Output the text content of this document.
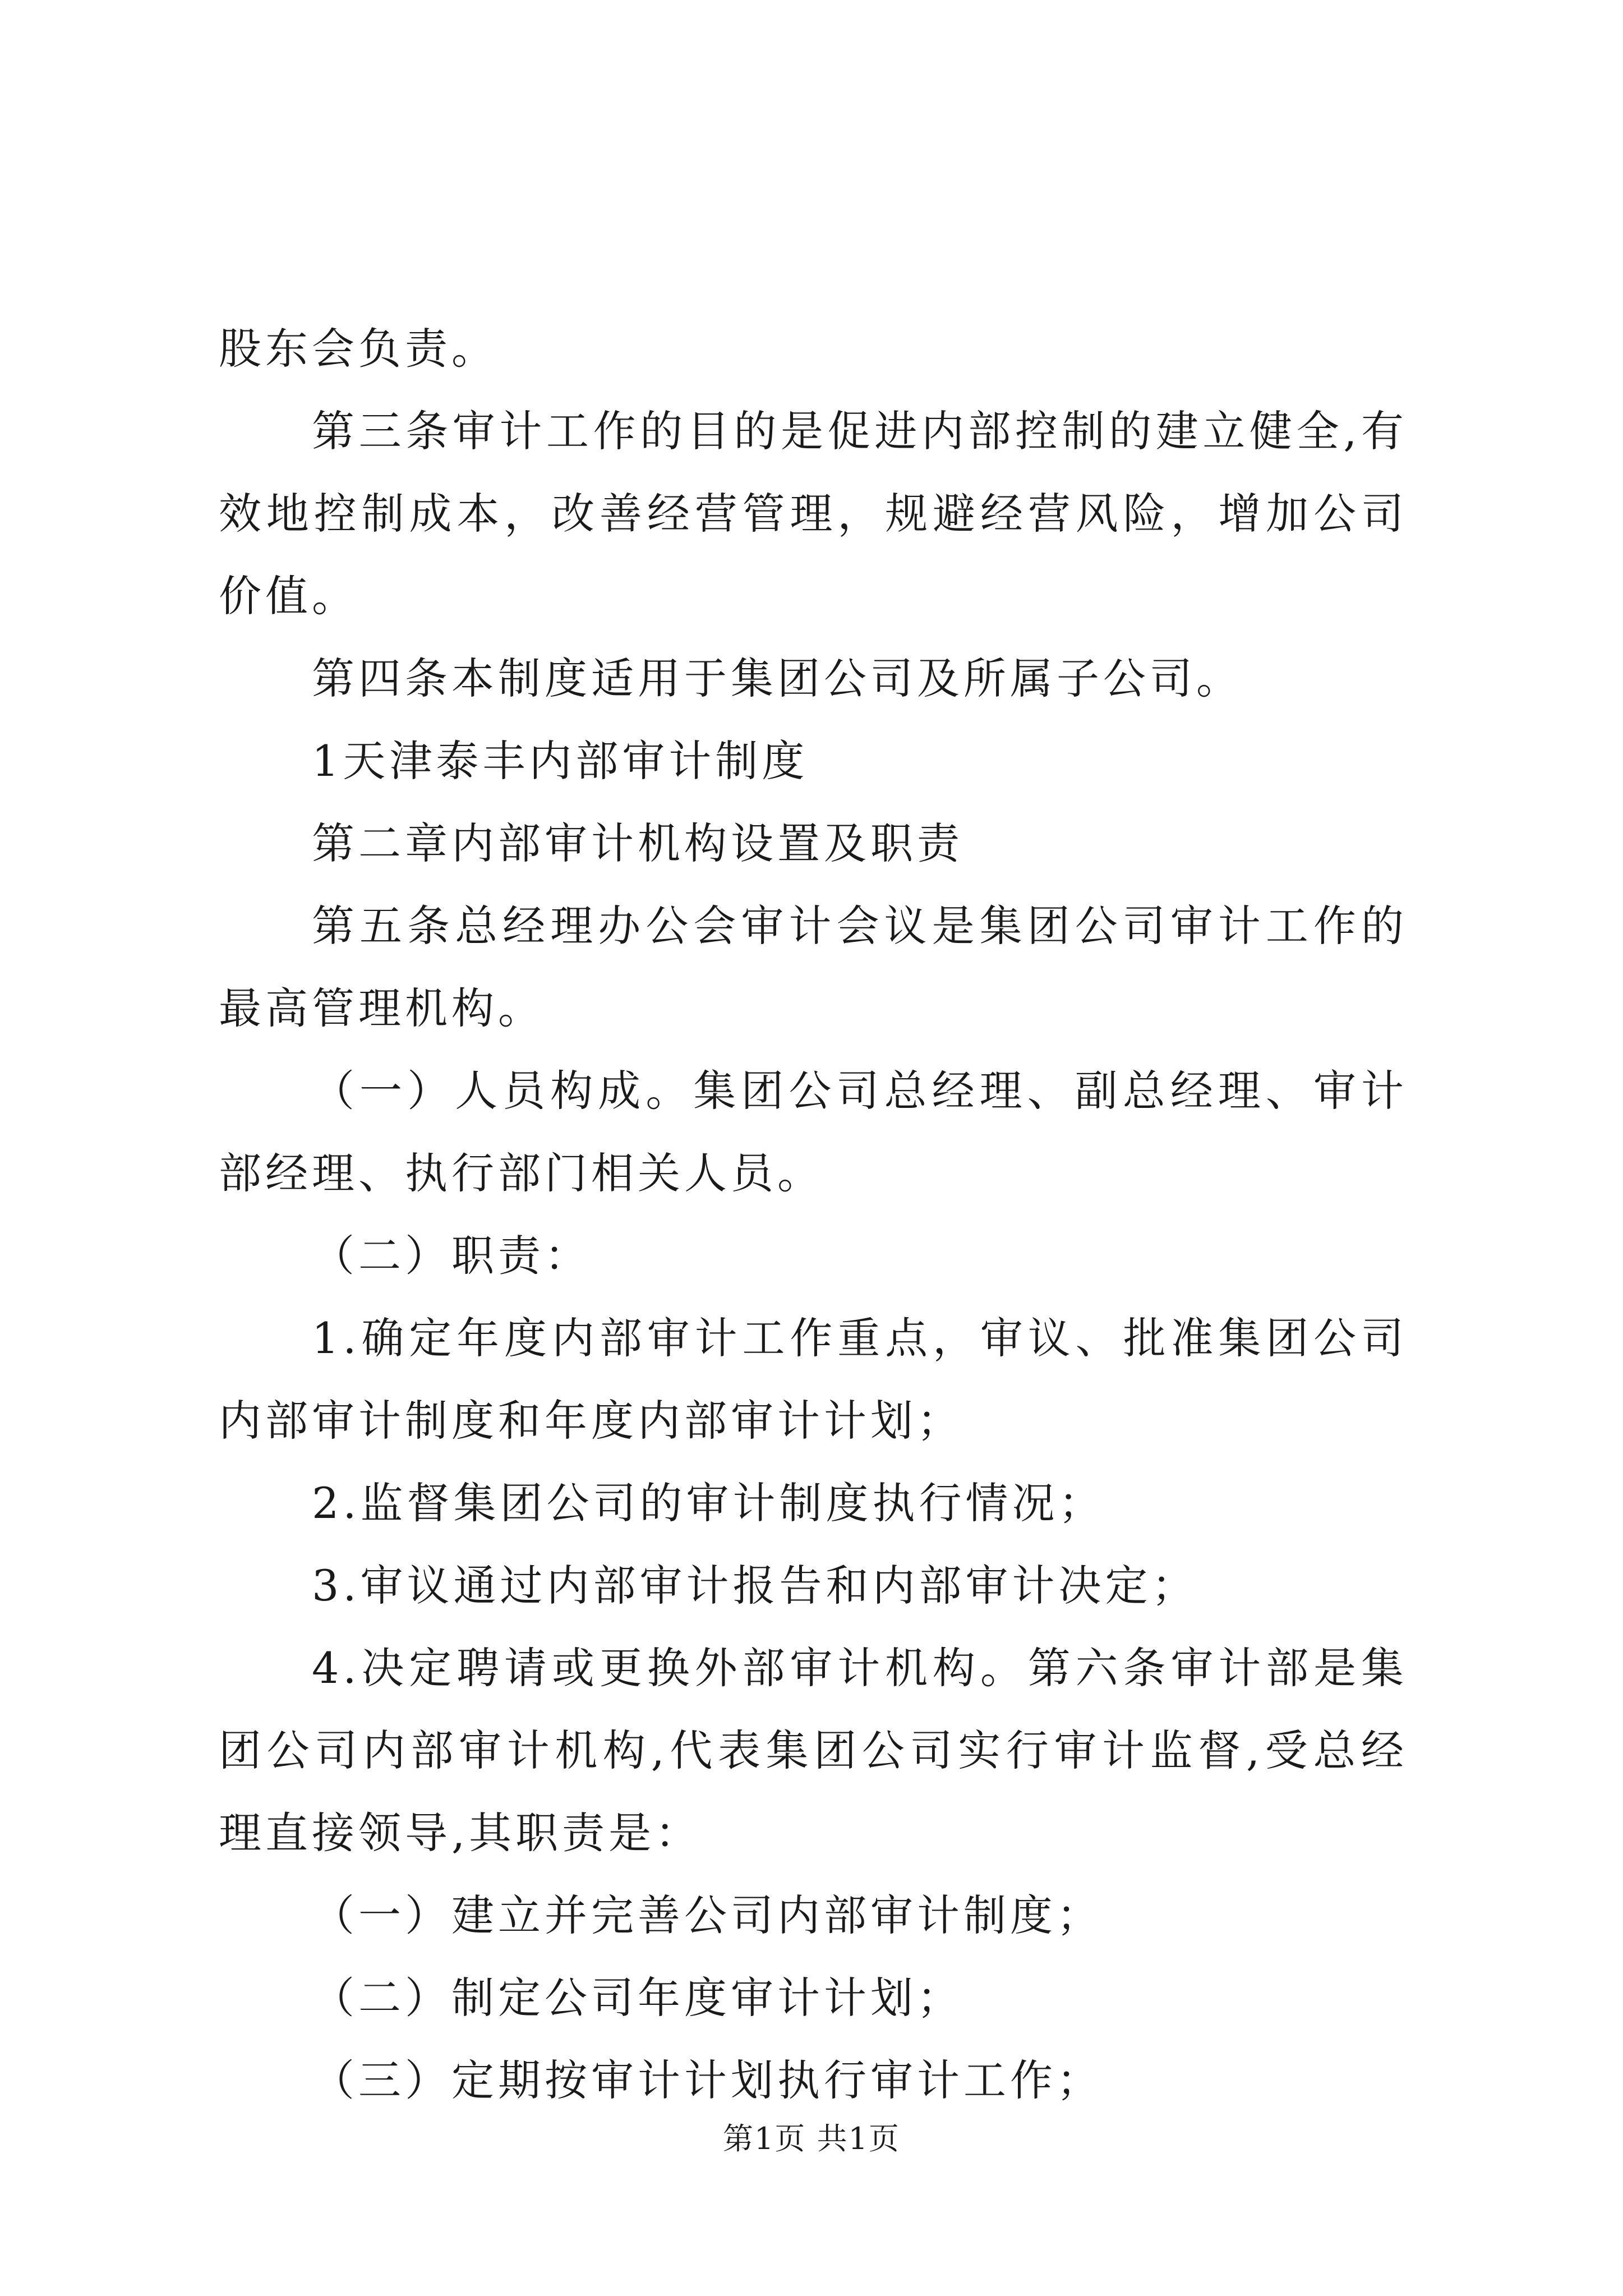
股东会负责。

第三条审计工作的目的是促进内部控制的建立健全,有效地控制成本，改善经营管理，规避经营风险，增加公司价值。

第四条本制度适用于集团公司及所属子公司。

1天津泰丰内部审计制度

第二章内部审计机构设置及职责

第五条总经理办公会审计会议是集团公司审计工作的最高管理机构。

（一）人员构成。集团公司总经理、副总经理、审计部经理、执行部门相关人员。

（二）职责：

1.确定年度内部审计工作重点，审议、批准集团公司内部审计制度和年度内部审计计划；

2.监督集团公司的审计制度执行情况；

3.审议通过内部审计报告和内部审计决定；

4.决定聘请或更换外部审计机构。第六条审计部是集团公司内部审计机构,代表集团公司实行审计监督,受总经理直接领导,其职责是：

（一）建立并完善公司内部审计制度；

（二）制定公司年度审计计划；

（三）定期按审计计划执行审计工作；

第1页 共1页
